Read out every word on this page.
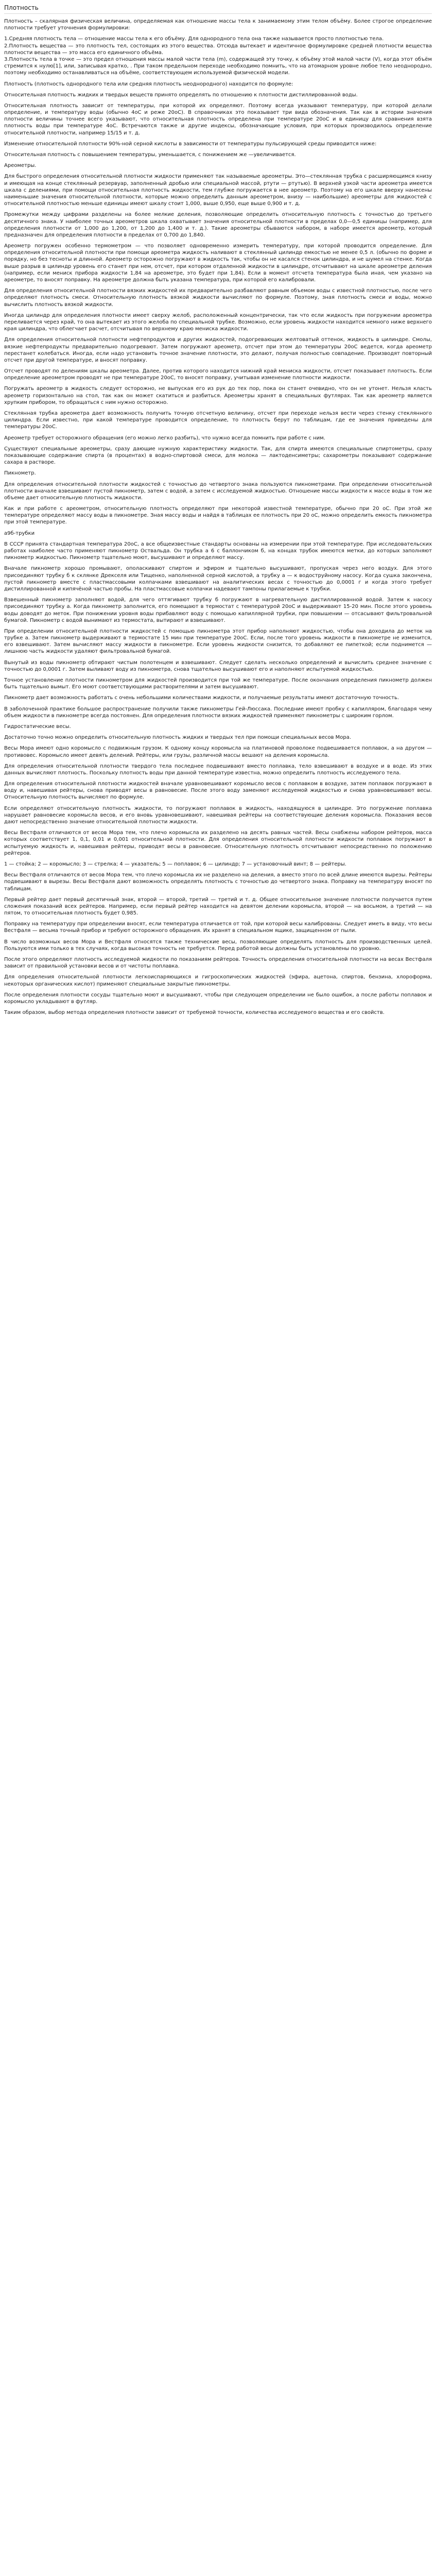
Плотность

Плотность – скалярная физическая величина, определяемая как отношение массы тела к занимаемому этим телом объёму. Более строгое определение плотности требует уточнения формулировки:

1.Средняя плотность тела — отношение массы тела к его объёму. Для однородного тела она также называется просто плотностью тела.
2.Плотность вещества — это плотность тел, состоящих из этого вещества. Отсюда вытекает и идентичное формулировке средней плотности вещества плотности вещества — это масса его единичного объёма.
3.Плотность тела в точке — это предел отношения массы малой части тела (m), содержащей эту точку, к объёму этой малой части (V), когда этот объём стремится к нулю[1], или, записывая кратко, . При таком предельном переходе необходимо помнить, что на атомарном уровне любое тело неоднородно, поэтому необходимо останавливаться на объёме, соответствующем используемой физической модели.

Плотность (плотность однородного тела или средняя плотность неоднородного) находится по формуле:

Относительная плотность жидких и твердых веществ принято определять по отношению к плотности дистиллированной воды.

Относительная плотность зависит от температуры, при которой их определяют. Поэтому всегда указывают температуру, при которой делали определение, и температуру воды (обычно 4оС и реже 20оС). В справочниках это показывает три вида обозначения. Так как в истории значения плотности величины точнее всего указывают, что относительная плотность определена при температуре 20оС и в единицу для сравнения взята плотность воды при температуре 4оС. Встречаются также и другие индексы, обозначающие условия, при которых производилось определение относительной плотности, например 15/15 и т. д.

Изменение относительной плотности 90%-ной серной кислоты в зависимости от температуры пульсирующей среды приводится ниже:

Относительная плотность с повышением температуры, уменьшается, с понижением же —увеличивается.

Ареометры.

Для быстрого определения относительной плотности жидкости применяют так называемые ареометры. Это—стеклянная трубка с расширяющимся книзу и имеющая на конце стеклянный резервуар, заполненный дробью или специальной массой, ртути — ртутью). В верхней узкой части ареометра имеется шкала с делениями, при помощи относительная плотность жидкости, тем глубже погружается в нее ареометр. Поэтому на его шкале вверху нанесены наименьшие значения относительной плотности, которые можно определить данным ареометром, внизу — наибольшие) ареометры для жидкостей с относительной плотностью меньше единицы имеют шкалу стоит 1,000, выше 0,950, еще выше 0,900 и т. д.

Промежутки между цифрами разделены на более мелкие деления, позволяющие определить относительную плотность с точностью до третьего десятичного знака. У наиболее точных ареометров шкала охватывает значения относительной плотности в пределах 0,0—0,5 единицы (например, для определения плотности от 1,000 до 1,200, от 1,200 до 1,400 и т. д.). Такие ареометры сбываются набором, в наборе имеется ареометр, который предназначен для определения плотности в пределах от 0,700 до 1,840.

Ареометр погружен особенно термометром — что позволяет одновременно измерить температуру, при которой проводится определение. Для определения относительной плотности при помощи ареометра жидкость наливают в стеклянный цилиндр емкостью не менее 0,5 л. (обычно по форме и порядку, но без тесноты и длинной. Ареометр осторожно погружают в жидкость так, чтобы он не касался стенок цилиндра, и не шумел на стенке. Когда выше разрыв в цилиндр уровень его станет при нем, отсчет, при котором отдаленной жидкости в цилиндре, отсчитывают на шкале ареометре деления (например, если мениск прибора жидкости 1,84 на ареометре, это будет при 1,84). Если в момент отсчета температура была иная, чем указано на ареометре, то вносят поправку. На ареометре должна быть указана температура, при которой его калибровали.

Для определения относительной плотности вязких жидкостей их предварительно разбавляют равным объемом воды с известной плотностью, после чего определяют плотность смеси. Относительную плотность вязкой жидкости вычисляют по формуле. Поэтому, зная плотность смеси и воды, можно вычислить плотность вязкой жидкости.

Иногда цилиндр для определения плотности имеет сверху желоб, расположенный концентрически, так что если жидкость при погружении ареометра переливается через край, то она вытекает из этого желоба по специальной трубке. Возможно, если уровень жидкости находится немного ниже верхнего края цилиндра, что облегчает расчет, отсчитывая по верхнему краю мениска жидкости.

Для определения относительной плотности нефтепродуктов и других жидкостей, подогревающих желтоватый оттенок, жидкость в цилиндре. Смолы, вязкие нефтепродукты предварительно подогревают. Затем погружают ареометр, отсчет при этом до температуры 20оС ведется, когда ареометр перестанет колебаться. Иногда, если надо установить точное значение плотности, это делают, получая полностью совпадение. Производят повторный отсчет при другой температуре, и вносят поправку.

Отсчет проводят по делениям шкалы ареометра. Далее, против которого находится нижний край мениска жидкости, отсчет показывает плотность. Если определение ареометром проводят не при температуре 20оС, то вносят поправку, учитывая изменение плотности жидкости.

Погружать ареометр в жидкость следует осторожно, не выпуская его из рук до тех пор, пока он станет очевидно, что он не утонет. Нельзя класть ареометр горизонтально на стол, так как он может скатиться и разбиться. Ареометры хранят в специальных футлярах. Так как ареометр является хрупким прибором, то обращаться с ним нужно осторожно.

Стеклянная трубка ареометра дает возможность получить точную отсчетную величину, отсчет при переходе нельзя вести через стенку стеклянного цилиндра. Если известно, при какой температуре проводится определение, то плотность берут по таблицам, где ее значения приведены для температуры 20оС.

Ареометр требует осторожного обращения (его можно легко разбить), что нужно всегда помнить при работе с ним.

Существуют специальные ареометры, сразу дающие нужную характеристику жидкости. Так, для спирта имеются специальные спиртометры, сразу показывающие содержание спирта (в процентах) в водно-спиртовой смеси, для молока — лактоденсиметры; сахарометры показывают содержание сахара в растворе.

Пикнометр.

Для определения относительной плотности жидкостей с точностью до четвертого знака пользуются пикнометрами. При определении относительной плотности вначале взвешивают пустой пикнометр, затем с водой, а затем с исследуемой жидкостью. Отношение массы жидкости к массе воды в том же объеме дает относительную плотность жидкости.

Как и при работе с ареометром, относительную плотность определяют при некоторой известной температуре, обычно при 20 оС. При этой же температуре определяют массу воды в пикнометре. Зная массу воды и найдя в таблицах ее плотность при 20 оС, можно определить емкость пикнометра при этой температуре.

а9б-трубки

В СССР принята стандартная температура 20оС, а все общеизвестные стандарты основаны на измерении при этой температуре. При исследовательских работах наиболее часто применяют пикнометр Оствальда. Он трубка а 6 с баллончиком б, на концах трубок имеются метки, до которых заполняют пикнометр жидкостью. Пикнометр тщательно моют, высушивают и определяют массу.

Вначале пикнометр хорошо промывают, ополаскивают спиртом и эфиром и тщательно высушивают, пропуская через него воздух. Для этого присоединяют трубку б к склянке Дрекселя или Тищенко, наполненной серной кислотой, а трубку а — к водоструйному насосу. Когда сушка закончена, пустой пикнометр вместе с пластмассовыми колпачками взвешивают на аналитических весах с точностью до 0,0001 г и когда этого требует дистиллированной и кипячёной частью пробы. На пластмассовые колпачки надевают тампоны прилагаемые к трубки.

Взвешенный пикнометр заполняют водой, для чего оттягивают трубку б погружают в нагревательную дистиллированной водой. Затем к насосу присоединяют трубку а. Когда пикнометр заполнится, его помещают в термостат с температурой 20оС и выдерживают 15-20 мин. После этого уровень воды доводят до меток. При понижении уровня воды прибавляют воду с помощью капиллярной трубки, при повышении — отсасывают фильтровальной бумагой. Пикнометр с водой вынимают из термостата, вытирают и взвешивают.

При определении относительной плотности жидкостей с помощью пикнометра этот прибор наполняют жидкостью, чтобы она доходила до меток на трубке а. Затем пикнометр выдерживают в термостате 15 мин при температуре 20оС. Если, после того уровень жидкости в пикнометре не изменится, его взвешивают. Затем вычисляют массу жидкости в пикнометре. Если уровень жидкости снизится, то добавляют ее пипеткой; если поднимется — лишнюю часть жидкости удаляют фильтровальной бумагой.

Вынутый из воды пикнометр обтирают чистым полотенцем и взвешивают. Следует сделать несколько определений и вычислить среднее значение с точностью до 0,0001 г. Затем выливают воду из пикнометра, снова тщательно высушивают его и наполняют испытуемой жидкостью.

Точное установление плотности пикнометром для жидкостей производится при той же температуре. После окончания определения пикнометр должен быть тщательно вымыт. Его моют соответствующими растворителями и затем высушивают.

Пикнометр дает возможность работать с очень небольшими количествами жидкости, и получаемые результаты имеют достаточную точность.

В заболоченной практике большое распространение получили также пикнометры Гей-Люссака. Последние имеют пробку с капилляром, благодаря чему объем жидкости в пикнометре всегда постоянен. Для определения плотности вязких жидкостей применяют пикнометры с широким горлом.

Гидростатические весы.

Достаточно точно можно определить относительную плотность жидких и твердых тел при помощи специальных весов Мора.

Весы Мора имеют одно коромысло с подвижным грузом. К одному концу коромысла на платиновой проволоке подвешивается поплавок, а на другом — противовес. Коромысло имеет девять делений. Рейтеры, или грузы, различной массы вешают на деления коромысла.

Для определения относительной плотности твердого тела последнее подвешивают вместо поплавка, тело взвешивают в воздухе и в воде. Из этих данных вычисляют плотность. Поскольку плотность воды при данной температуре известна, можно определить плотность исследуемого тела.

Для определения относительной плотности жидкостей вначале уравновешивают коромысло весов с поплавком в воздухе, затем поплавок погружают в воду и, навешивая рейтеры, снова приводят весы в равновесие. После этого воду заменяют исследуемой жидкостью и снова уравновешивают весы. Относительную плотность вычисляют по формуле.

Если определяют относительную плотность жидкости, то погружают поплавок в жидкость, находящуюся в цилиндре. Это погружение поплавка нарушает равновесие коромысла весов, и его вновь уравновешивают, навешивая рейтеры на соответствующие деления коромысла. Показания весов дают непосредственно значение относительной плотности жидкости.

Весы Вестфаля отличаются от весов Мора тем, что плечо коромысла их разделено на десять равных частей. Весы снабжены набором рейтеров, масса которых соответствует 1, 0,1, 0,01 и 0,001 относительной плотности. Для определения относительной плотности жидкости поплавок погружают в испытуемую жидкость и, навешивая рейтеры, приводят весы в равновесие. Относительную плотность отсчитывают непосредственно по положению рейтеров.

1 — стойка; 2 — коромысло; 3 — стрелка; 4 — указатель; 5 — поплавок; 6 — цилиндр; 7 — установочный винт; 8 — рейтеры.

Весы Вестфаля отличаются от весов Мора тем, что плечо коромысла их не разделено на деления, а вместо этого по всей длине имеются вырезы. Рейтеры подвешивают в вырезы. Весы Вестфаля дают возможность определять плотность с точностью до четвертого знака. Поправку на температуру вносят по таблицам.

Первый рейтер дает первый десятичный знак, второй — второй, третий — третий и т. д. Общее относительное значение плотности получается путем сложения показаний всех рейтеров. Например, если первый рейтер находится на девятом делении коромысла, второй — на восьмом, а третий — на пятом, то относительная плотность будет 0,985.

Поправку на температуру при определении вносят, если температура отличается от той, при которой весы калиброваны. Следует иметь в виду, что весы Вестфаля — весьма точный прибор и требуют осторожного обращения. Их хранят в специальном ящике, защищенном от пыли.

В число возможных весов Мора и Вестфаля относятся также технические весы, позволяющие определять плотность для производственных целей. Пользуются ими только в тех случаях, когда высокая точность не требуется. Перед работой весы должны быть установлены по уровню.

После этого определяют плотность исследуемой жидкости по показаниям рейтеров. Точность определения относительной плотности на весах Вестфаля зависит от правильной установки весов и от чистоты поплавка.

Для определения относительной плотности легкоиспаряющихся и гигроскопических жидкостей (эфира, ацетона, спиртов, бензина, хлороформа, некоторых органических кислот) применяют специальные закрытые пикнометры.

После определения плотности сосуды тщательно моют и высушивают, чтобы при следующем определении не было ошибок, а после работы поплавок и коромысло укладывают в футляр.

Таким образом, выбор метода определения плотности зависит от требуемой точности, количества исследуемого вещества и его свойств.
